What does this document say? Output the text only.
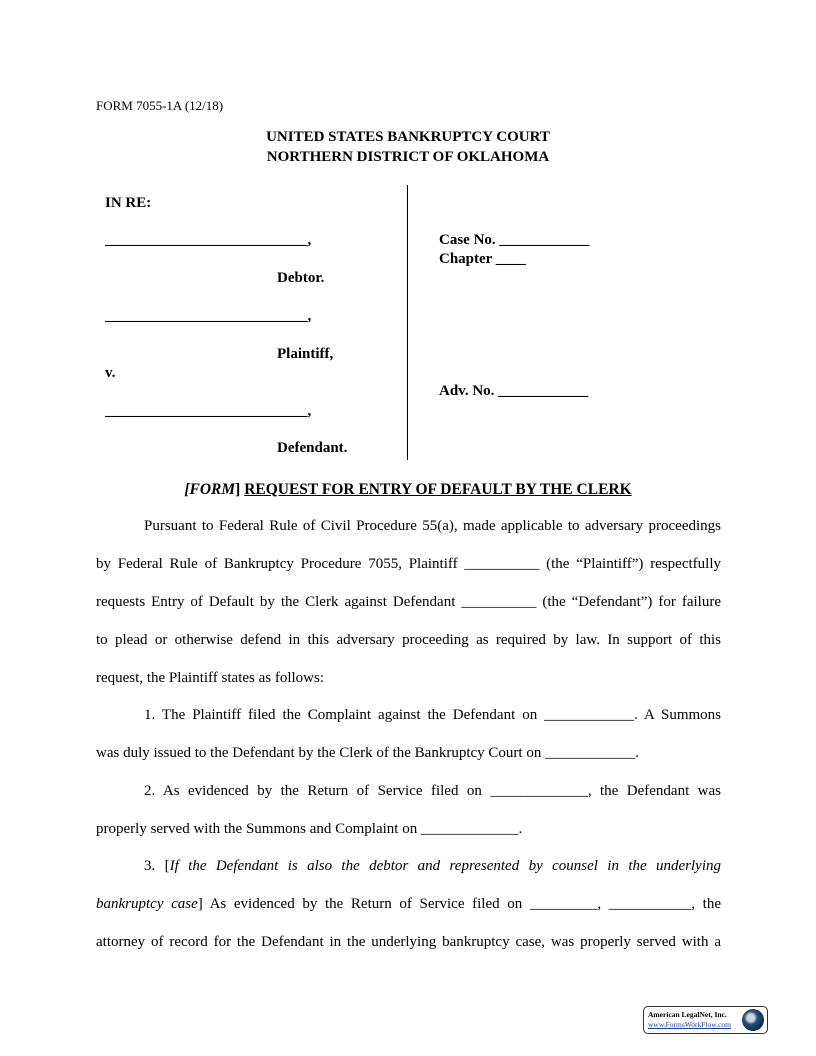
FORM 7055-1A (12/18)
UNITED STATES BANKRUPTCY COURT
NORTHERN DISTRICT OF OKLAHOMA
IN RE:
___________________________,
Debtor.
___________________________,
Plaintiff,
v.
___________________________,
Defendant.
Case No. ____________
Chapter ____
Adv. No. ____________
[FORM] REQUEST FOR ENTRY OF DEFAULT BY THE CLERK
Pursuant to Federal Rule of Civil Procedure 55(a), made applicable to adversary proceedings
by Federal Rule of Bankruptcy Procedure 7055, Plaintiff __________ (the “Plaintiff”) respectfully
requests Entry of Default by the Clerk against Defendant __________ (the “Defendant”) for failure
to plead or otherwise defend in this adversary proceeding as required by law. In support of this
request, the Plaintiff states as follows:
1. The Plaintiff filed the Complaint against the Defendant on ____________. A Summons
was duly issued to the Defendant by the Clerk of the Bankruptcy Court on ____________.
2. As evidenced by the Return of Service filed on _____________, the Defendant was
properly served with the Summons and Complaint on _____________.
3. [If the Defendant is also the debtor and represented by counsel in the underlying
bankruptcy case] As evidenced by the Return of Service filed on _________, ___________, the
attorney of record for the Defendant in the underlying bankruptcy case, was properly served with a
American LegalNet, Inc.
www.FormsWorkFlow.com
